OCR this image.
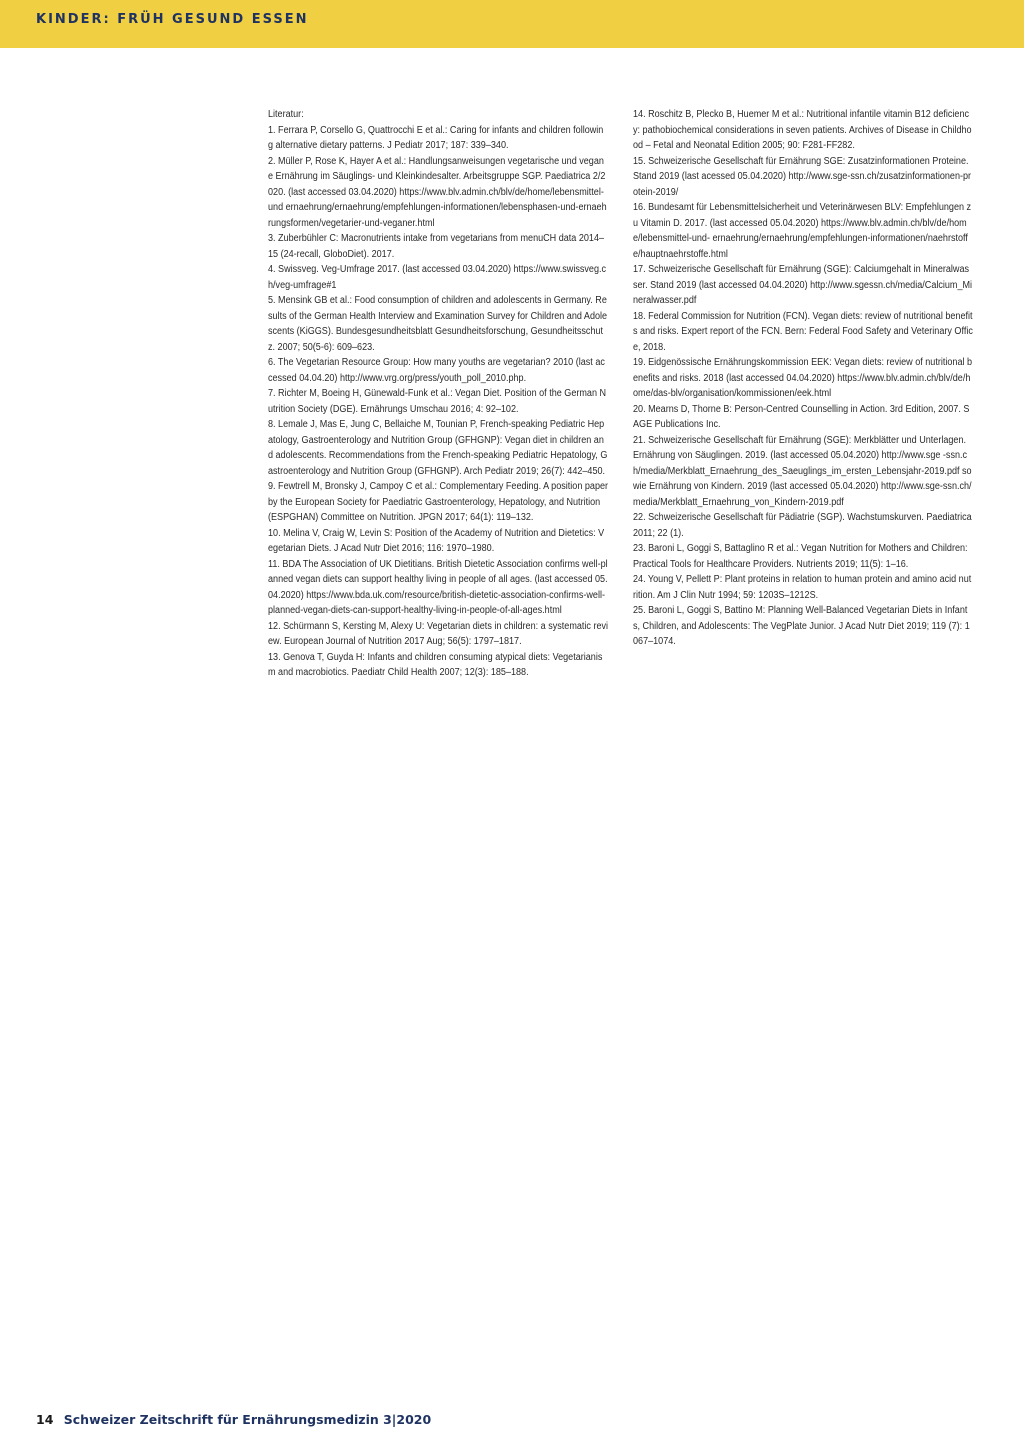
KINDER: FRÜH GESUND ESSEN

Literatur:

1. Ferrara P, Corsello G, Quattrocchi E et al.: Caring for infants and children following alternative dietary patterns. J Pediatr 2017; 187: 339–340.

2. Müller P, Rose K, Hayer A et al.: Handlungsanweisungen vegetarische und vegane Ernährung im Säuglings- und Kleinkindesalter. Arbeitsgruppe SGP. Paediatrica 2/2020. (last accessed 03.04.2020) https://www.blv.admin.ch/blv/de/home/lebensmittel-und ernaehrung/ernaehrung/empfehlungen-informationen/lebensphasen-und-ernaehrungsformen/vegetarier-und-veganer.html

3. Zuberbühler C: Macronutrients intake from vegetarians from menuCH data 2014–15 (24-recall, GloboDiet). 2017.

4. Swissveg. Veg-Umfrage 2017. (last accessed 03.04.2020) https://www.swissveg.ch/veg-umfrage#1

5. Mensink GB et al.: Food consumption of children and adolescents in Germany. Results of the German Health Interview and Examination Survey for Children and Adolescents (KiGGS). Bundesgesundheitsblatt Gesundheitsforschung, Gesundheitsschutz. 2007; 50(5-6): 609–623.

6. The Vegetarian Resource Group: How many youths are vegetarian? 2010 (last accessed 04.04.20) http://www.vrg.org/press/youth_poll_2010.php.

7. Richter M, Boeing H, Günewald-Funk et al.: Vegan Diet. Position of the German Nutrition Society (DGE). Ernährungs Umschau 2016; 4: 92–102.

8. Lemale J, Mas E, Jung C, Bellaiche M, Tounian P, French-speaking Pediatric Hepatology, Gastroenterology and Nutrition Group (GFHGNP): Vegan diet in children and adolescents. Recommendations from the French-speaking Pediatric Hepatology, Gastroenterology and Nutrition Group (GFHGNP). Arch Pediatr 2019; 26(7): 442–450.

9. Fewtrell M, Bronsky J, Campoy C et al.: Complementary Feeding. A position paper by the European Society for Paediatric Gastroenterology, Hepatology, and Nutrition (ESPGHAN) Committee on Nutrition. JPGN 2017; 64(1): 119–132.

10. Melina V, Craig W, Levin S: Position of the Academy of Nutrition and Dietetics: Vegetarian Diets. J Acad Nutr Diet 2016; 116: 1970–1980.

11. BDA The Association of UK Dietitians. British Dietetic Association confirms well-planned vegan diets can support healthy living in people of all ages. (last accessed 05.04.2020) https://www.bda.uk.com/resource/british-dietetic-association-confirms-well-planned-vegan-diets-can-support-healthy-living-in-people-of-all-ages.html

12. Schürmann S, Kersting M, Alexy U: Vegetarian diets in children: a systematic review. European Journal of Nutrition 2017 Aug; 56(5): 1797–1817.

13. Genova T, Guyda H: Infants and children consuming atypical diets: Vegetarianism and macrobiotics. Paediatr Child Health 2007; 12(3): 185–188.

14. Roschitz B, Plecko B, Huemer M et al.: Nutritional infantile vitamin B12 deficiency: pathobiochemical considerations in seven patients. Archives of Disease in Childhood – Fetal and Neonatal Edition 2005; 90: F281-FF282.

15. Schweizerische Gesellschaft für Ernährung SGE: Zusatzinformationen Proteine. Stand 2019 (last acessed 05.04.2020) http://www.sge-ssn.ch/zusatzinformationen-protein-2019/

16. Bundesamt für Lebensmittelsicherheit und Veterinärwesen BLV: Empfehlungen zu Vitamin D. 2017. (last accessed 05.04.2020) https://www.blv.admin.ch/blv/de/home/lebensmittel-und- ernaehrung/ernaehrung/empfehlungen-informationen/naehrstoffe/hauptnaehrstoffe.html

17. Schweizerische Gesellschaft für Ernährung (SGE): Calciumgehalt in Mineralwasser. Stand 2019 (last accessed 04.04.2020) http://www.sgessn.ch/media/Calcium_Mineralwasser.pdf

18. Federal Commission for Nutrition (FCN). Vegan diets: review of nutritional benefits and risks. Expert report of the FCN. Bern: Federal Food Safety and Veterinary Office, 2018.

19. Eidgenössische Ernährungskommission EEK: Vegan diets: review of nutritional benefits and risks. 2018 (last accessed 04.04.2020) https://www.blv.admin.ch/blv/de/home/das-blv/organisation/kommissionen/eek.html

20. Mearns D, Thorne B: Person-Centred Counselling in Action. 3rd Edition, 2007. SAGE Publications Inc.

21. Schweizerische Gesellschaft für Ernährung (SGE): Merkblätter und Unterlagen. Ernährung von Säuglingen. 2019. (last accessed 05.04.2020) http://www.sge -ssn.ch/media/Merkblatt_Ernaehrung_des_Saeuglings_im_ersten_Lebensjahr-2019.pdf sowie Ernährung von Kindern. 2019 (last accessed 05.04.2020) http://www.sge-ssn.ch/media/Merkblatt_Ernaehrung_von_Kindern-2019.pdf

22. Schweizerische Gesellschaft für Pädiatrie (SGP). Wachstumskurven. Paediatrica 2011; 22 (1).

23. Baroni L, Goggi S, Battaglino R et al.: Vegan Nutrition for Mothers and Children: Practical Tools for Healthcare Providers. Nutrients 2019; 11(5): 1–16.

24. Young V, Pellett P: Plant proteins in relation to human protein and amino acid nutrition. Am J Clin Nutr 1994; 59: 1203S–1212S.

25. Baroni L, Goggi S, Battino M: Planning Well-Balanced Vegetarian Diets in Infants, Children, and Adolescents: The VegPlate Junior. J Acad Nutr Diet 2019; 119 (7): 1067–1074.

14 Schweizer Zeitschrift für Ernährungsmedizin 3|2020
